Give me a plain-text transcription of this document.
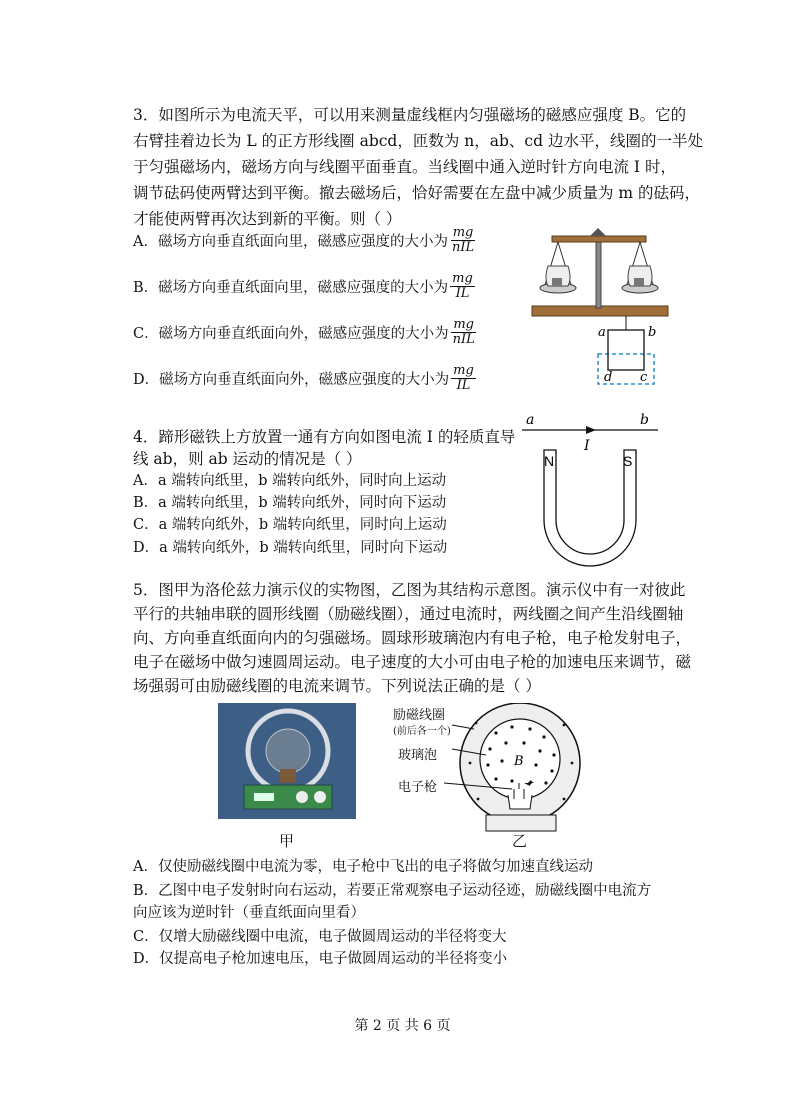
3．如图所示为电流天平，可以用来测量虚线框内匀强磁场的磁感应强度 B。它的
右臂挂着边长为 L 的正方形线圈 abcd，匝数为 n，ab、cd 边水平，线圈的一半处
于匀强磁场内，磁场方向与线圈平面垂直。当线圈中通入逆时针方向电流 I 时，
调节砝码使两臂达到平衡。撤去磁场后，恰好需要在左盘中减少质量为 m 的砝码，
才能使两臂再次达到新的平衡。则（ ）
A．磁场方向垂直纸面向里，磁感应强度的大小为 $\frac{mg}{\text{nIL}}$
B．磁场方向垂直纸面向里，磁感应强度的大小为 $\frac{mg}{IL}$
C．磁场方向垂直纸面向外，磁感应强度的大小为 $\frac{mg}{\text{nIL}}$
D．磁场方向垂直纸面向外，磁感应强度的大小为 $\frac{mg}{IL}$
a	b
d c
4．蹄形磁铁上方放置一通有方向如图电流 I 的轻质直导
线 ab，则 ab 运动的情况是（ ）
A．a 端转向纸里，b 端转向纸外，同时向上运动
B．a 端转向纸里，b 端转向纸外，同时向下运动
C．a 端转向纸外，b 端转向纸里，同时向上运动
D．a 端转向纸外，b 端转向纸里，同时向下运动
a	b
I
N	S
5．图甲为洛伦兹力演示仪的实物图，乙图为其结构示意图。演示仪中有一对彼此
平行的共轴串联的圆形线圈（励磁线圈），通过电流时，两线圈之间产生沿线圈轴
向、方向垂直纸面向内的匀强磁场。圆球形玻璃泡内有电子枪，电子枪发射电子，
电子在磁场中做匀速圆周运动。电子速度的大小可由电子枪的加速电压来调节，磁
场强弱可由励磁线圈的电流来调节。下列说法正确的是（ ）
甲
B
励磁线圈
(前后各一个)
玻璃泡
电子枪
乙
A．仅使励磁线圈中电流为零，电子枪中飞出的电子将做匀加速直线运动
B．乙图中电子发射时向右运动，若要正常观察电子运动径迹，励磁线圈中电流方
向应该为逆时针（垂直纸面向里看）
C．仅增大励磁线圈中电流，电子做圆周运动的半径将变大
D．仅提高电子枪加速电压，电子做圆周运动的半径将变小
第 2 页 共 6 页
